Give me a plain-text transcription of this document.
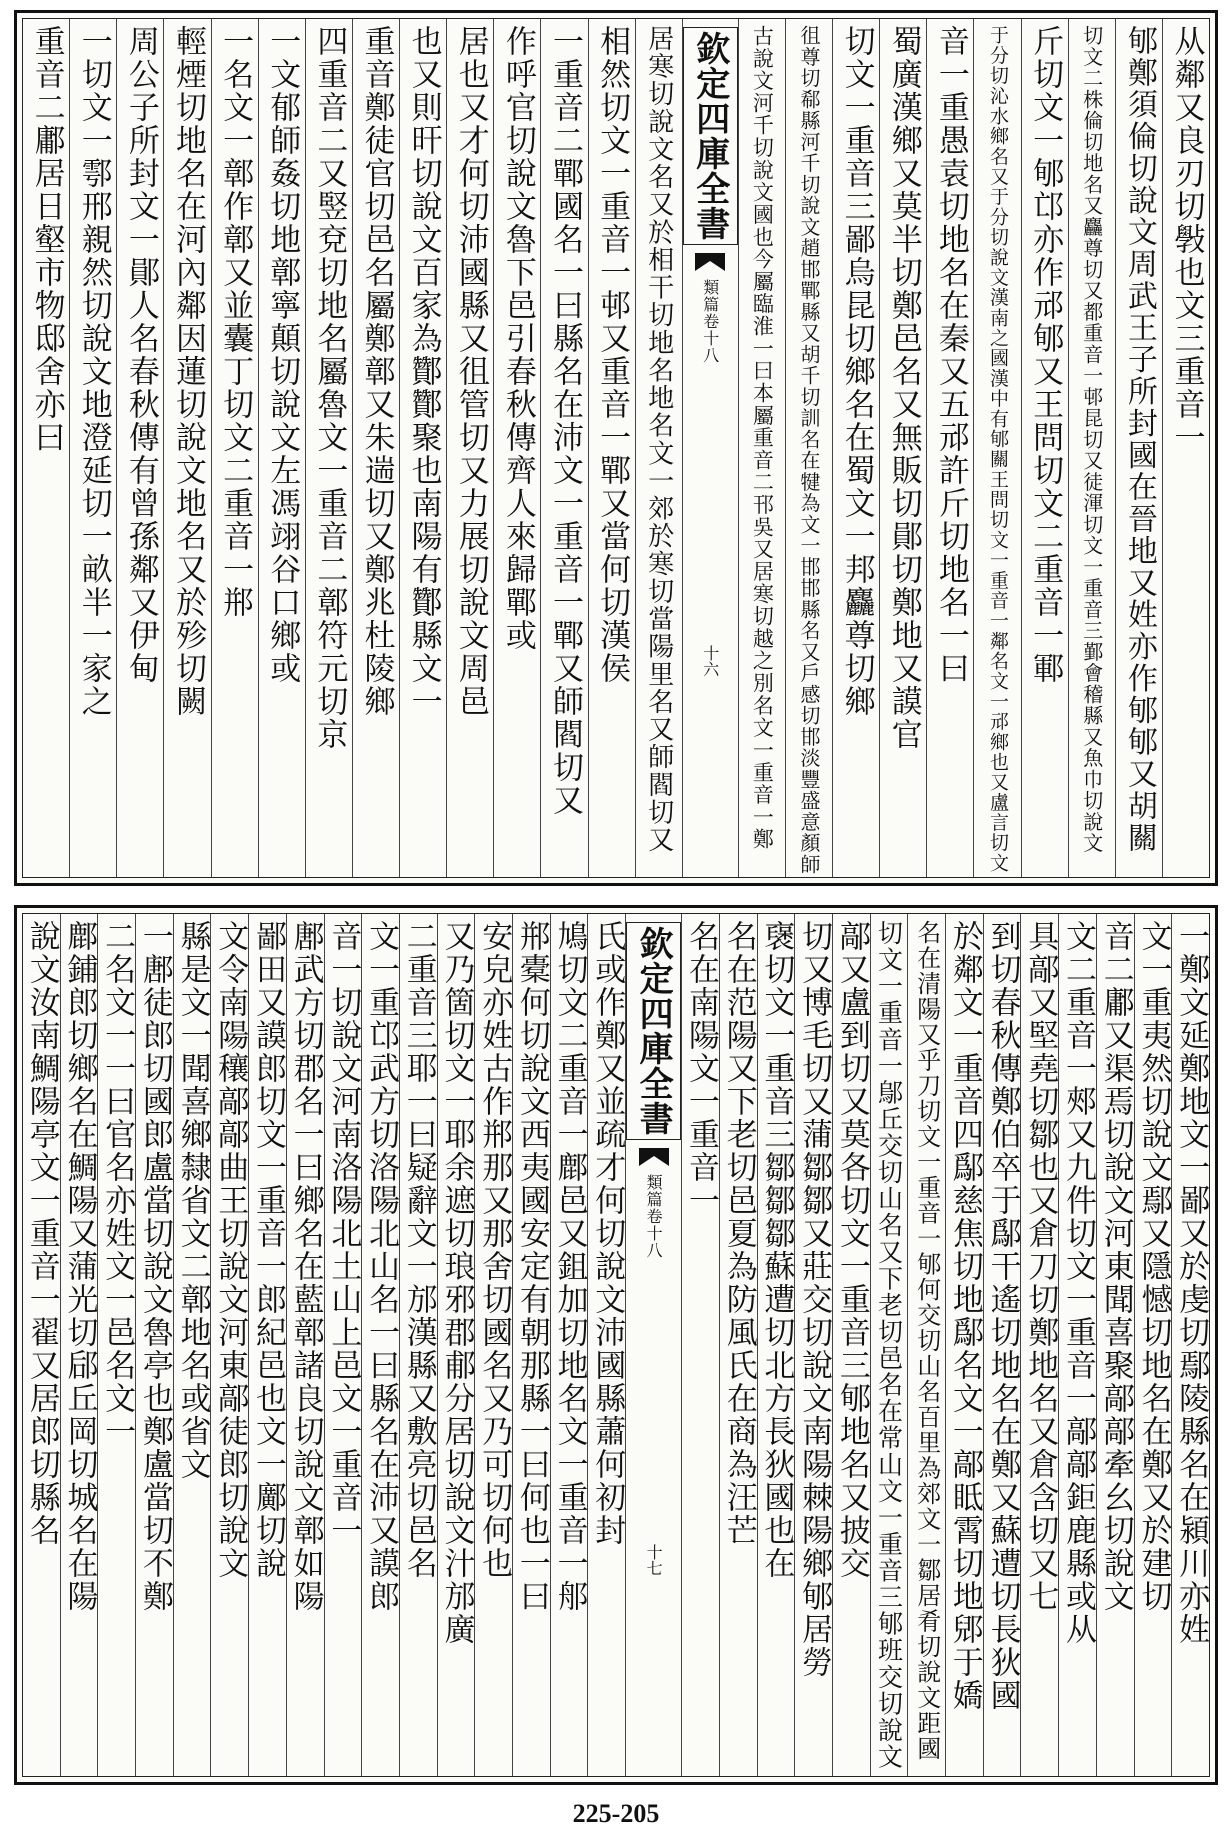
从鄰又良刃切斅也文三重音一
郇鄭須倫切說文周武王子所封國在晉地又姓亦作郇郇又胡關
切文二株倫切地名又麤尊切又都重音一邨昆切又徒渾切文一重音三鄞會稽縣又魚巾切說文
斤切文一郇邙亦作邧郇又王問切文二重音一鄆
于分切沁水鄉名又于分切說文漢南之國漢中有郇關王問切文一重音一鄰名文一邧鄉也又盧言切文
音一重愚袁切地名在秦又五邧許斤切地名一曰
蜀廣漢鄉又莫半切鄭邑名又無販切鄖切鄭地又謨官
切文一重音三鄙烏昆切鄉名在蜀文一邦麤尊切鄉
徂尊切郗縣河千切說文趙邯鄲縣又胡千切訓名在犍為文一邯邯縣名又戶感切邯淡豐盛意顏師
古說文河千切說文國也今屬臨淮一曰本屬重音二邗吳又居寒切越之別名文一重音一鄭
欽定四庫全書
類篇卷十八
十六
居寒切說文名又於相干切地名地名文一郊於寒切當陽里名又師閻切又
相然切文一重音一邨又重音一鄲又當何切漢侯
一重音二鄲國名一曰縣名在沛文一重音一鄲又師閻切又
作呼官切說文魯下邑引春秋傳齊人來歸鄲或
居也又才何切沛國縣又徂管切又力展切說文周邑
也又則旰切說文百家為酇酇聚也南陽有酇縣文一
重音鄭徒官切邑名屬鄭鄣又朱遄切又鄭兆杜陵鄉
四重音二又竪兗切地名屬魯文一重音二鄣符元切京
一文郁師姦切地鄣寧顛切說文左馮翊谷口鄉或
一名文一鄣作鄣又並囊丁切文二重音一郱
輕煙切地名在河內鄰因蓮切說文地名又於殄切闕
周公子所封文一鄖人名春秋傳有曾孫鄰又伊甸
一切文一鄠邢親然切說文地澄延切一畝半一家之
重音二鄘居日壑市物邸舍亦曰
一鄭文延鄭地文一鄙又於虔切鄢陵縣名在潁川亦姓
文一重夷然切說文鄢又隱憾切地名在鄭又於建切
音二鄘又渠焉切說文河東聞喜聚鄗鄗牽幺切說文
文二重音一郟又九件切文一重音一鄗鄗鉅鹿縣或从
具鄗又堅堯切鄒也又倉刀切鄭地名又倉含切又七
到切春秋傳鄭伯卒于鄬干遙切地名在鄭又蘇遭切長狄國
於鄰文一重音四鄬慈焦切地鄬名文一鄗眡霄切地郳于嬌
名在清陽又乎刀切文一重音一郇何交切山名百里為郊文一鄒居肴切說文距國
切文一重音一鄔丘交切山名又下老切邑名在常山文一重音三郇班交切說文
鄗又盧到切又莫各切文一重音三郇地名又披交
切又博毛切又蒲鄒鄒又莊交切說文南陽棘陽鄉郇居勞
襃切文一重音三鄒鄒鄒蘇遭切北方長狄國也在
名在范陽又下老切邑夏為防風氏在商為汪芒
名在南陽文一重音一
欽定四庫全書
類篇卷十八
十七
氏或作鄭又並疏才何切說文沛國縣蕭何初封
鳩切文二重音一鄜邑又鉏加切地名文一重音一郍
郱橐何切說文西夷國安定有朝那縣一曰何也一曰
安皃亦姓古作郱那又那舍切國名又乃可切何也
又乃箇切文一耶余遮切琅邪郡郙分居切說文汁邡廣
二重音三耶一曰疑辭文一邡漢縣又敷亮切邑名
文一重邙武方切洛陽北山名一曰縣名在沛又謨郎
音一切說文河南洛陽北土山上邑文一重音一
鄌武方切郡名一曰鄉名在藍鄣諸良切說文鄣如陽
鄙田又謨郎切文一重音一郎紀邑也文一鄺切說
文令南陽穰鄗鄗曲王切說文河東鄗徒郎切說文
縣是文一聞喜鄉隸省文二鄣地名或省文
一鄌徒郎切國郎盧當切說文魯亭也鄭盧當切不鄭
二名文一一曰官名亦姓文一邑名文一
鄜鋪郎切鄉名在鯛陽又蒲光切郈丘岡切城名在陽
說文汝南鯛陽亭文一重音一翟又居郎切縣名
225-205
